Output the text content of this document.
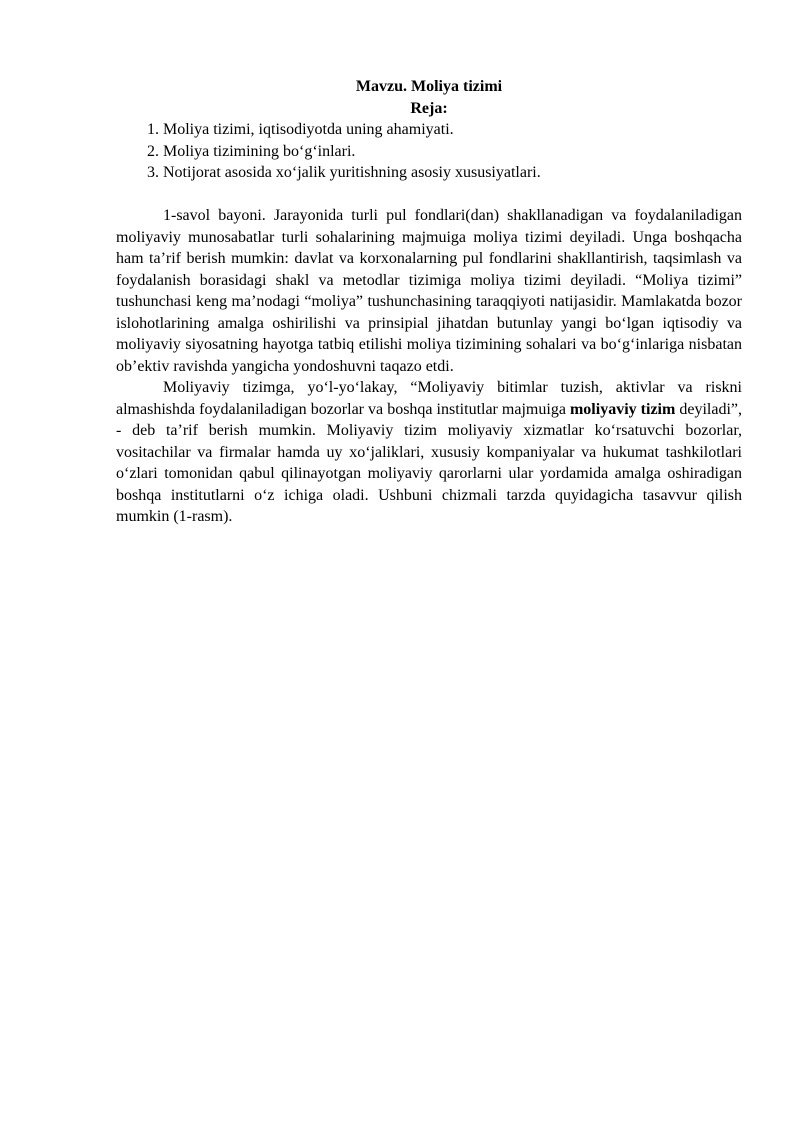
Mavzu. Moliya tizimi

Reja:

1. Moliya tizimi, iqtisodiyotda uning ahamiyati.
2. Moliya tizimining bo‘g‘inlari.
3. Notijorat asosida xo‘jalik yuritishning asosiy xususiyatlari.

1-savol bayoni. Jarayonida turli pul fondlari(dan) shakllanadigan va foydalaniladigan moliyaviy munosabatlar turli sohalarining majmuiga moliya tizimi deyiladi. Unga boshqacha ham ta’rif berish mumkin: davlat va korxonalarning pul fondlarini shakllantirish, taqsimlash va foydalanish borasidagi shakl va metodlar tizimiga moliya tizimi deyiladi. “Moliya tizimi” tushunchasi keng ma’nodagi “moliya” tushunchasining taraqqiyoti natijasidir. Mamlakatda bozor islohotlarining amalga oshirilishi va prinsipial jihatdan butunlay yangi bo‘lgan iqtisodiy va moliyaviy siyosatning hayotga tatbiq etilishi moliya tizimining sohalari va bo‘g‘inlariga nisbatan ob’ektiv ravishda yangicha yondoshuvni taqazo etdi.

Moliyaviy tizimga, yo‘l-yo‘lakay, “Moliyaviy bitimlar tuzish, aktivlar va riskni almashishda foydalaniladigan bozorlar va boshqa institutlar majmuiga moliyaviy tizim deyiladi”, - deb ta’rif berish mumkin. Moliyaviy tizim moliyaviy xizmatlar ko‘rsatuvchi bozorlar, vositachilar va firmalar hamda uy xo‘jaliklari, xususiy kompaniyalar va hukumat tashkilotlari o‘zlari tomonidan qabul qilinayotgan moliyaviy qarorlarni ular yordamida amalga oshiradigan boshqa institutlarni o‘z ichiga oladi. Ushbuni chizmali tarzda quyidagicha tasavvur qilish mumkin (1-rasm).
